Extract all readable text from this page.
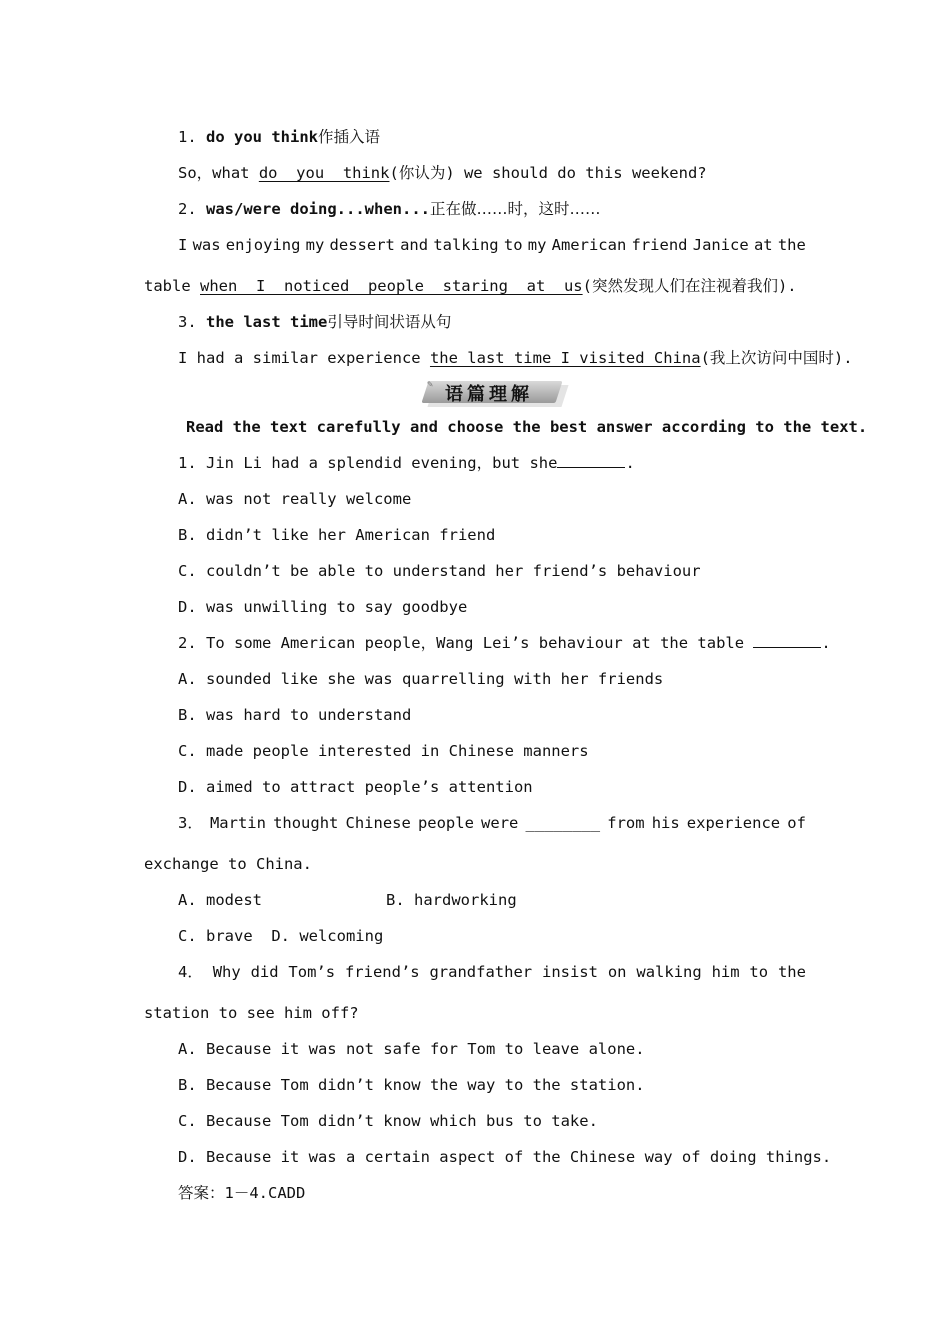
1. do you think作插入语
So，what do  you  think(你认为) we should do this weekend?
2. was/were doing...when...正在做……时，这时……
I was enjoying my dessert and talking to my American friend Janice at the
table when  I  noticed  people  staring  at  us(突然发现人们在注视着我们).
3. the last time引导时间状语从句
I had a similar experience the last time I visited China(我上次访问中国时).
✎ 语篇理解
Read the text carefully and choose the best answer according to the text.
1. Jin Li had a splendid evening，but she	.
A. was not really welcome
B. didn’t like her American friend
C. couldn’t be able to understand her friend’s behaviour
D. was unwilling to say goodbye
2. To some American people，Wang Lei’s behaviour at the table	.
A. sounded like she was quarrelling with her friends
B. was hard to understand
C. made people interested in Chinese manners
D. aimed to attract people’s attention
3． Martin thought Chinese people were ________ from his experience of
exchange to China.
A. modest	B. hardworking
C. brave  D. welcoming
4． Why did Tom’s friend’s grandfather insist on walking him to the
station to see him off?
A. Because it was not safe for Tom to leave alone.
B. Because Tom didn’t know the way to the station.
C. Because Tom didn’t know which bus to take.
D. Because it was a certain aspect of the Chinese way of doing things.
答案：1－4.CADD
